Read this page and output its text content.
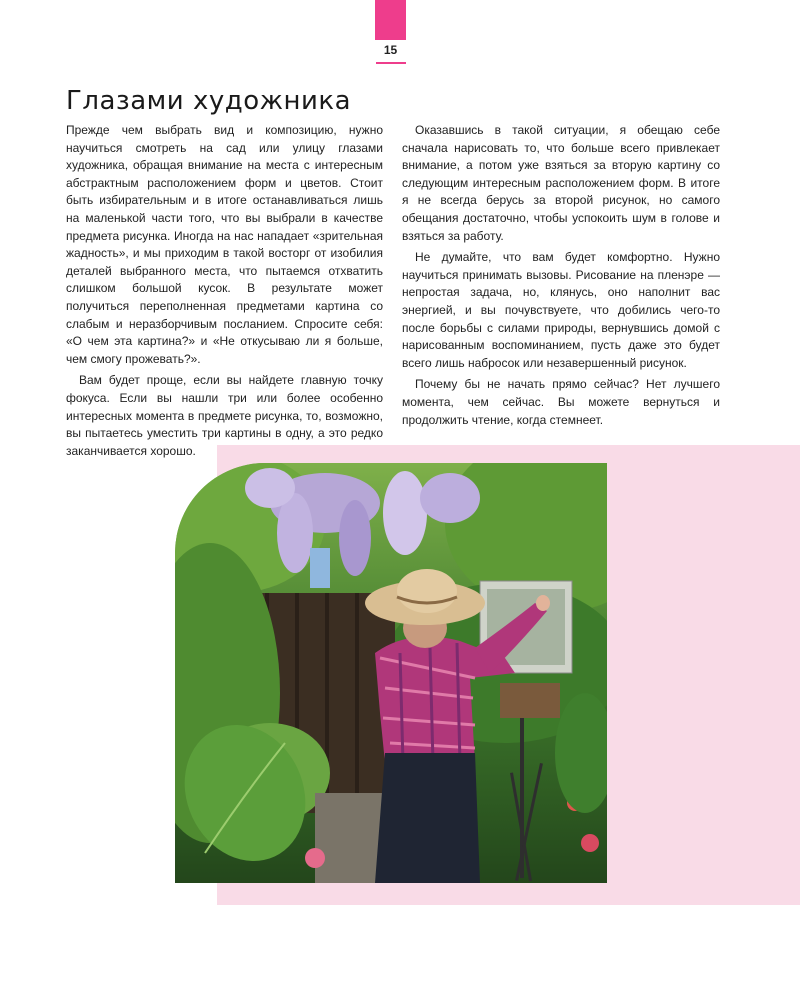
15
Глазами художника

Прежде чем выбрать вид и композицию, нужно научиться смотреть на сад или улицу глазами художника, обращая внимание на места с интересным абстрактным расположением форм и цветов. Стоит быть избирательным и в итоге останавливаться лишь на маленькой части того, что вы выбрали в качестве предмета рисунка. Иногда на нас нападает «зрительная жадность», и мы приходим в такой восторг от изобилия деталей выбранного места, что пытаемся отхватить слишком большой кусок. В результате может получиться переполненная предметами картина со слабым и неразборчивым посланием. Спросите себя: «О чем эта картина?» и «Не откусываю ли я больше, чем смогу прожевать?».

Вам будет проще, если вы найдете главную точку фокуса. Если вы нашли три или более особенно интересных момента в предмете рисунка, то, возможно, вы пытаетесь уместить три картины в одну, а это редко заканчивается хорошо.

Оказавшись в такой ситуации, я обещаю себе сначала нарисовать то, что больше всего привлекает внимание, а потом уже взяться за вторую картину со следующим интересным расположением форм. В итоге я не всегда берусь за второй рисунок, но самого обещания достаточно, чтобы успокоить шум в голове и взяться за работу.

Не думайте, что вам будет комфортно. Нужно научиться принимать вызовы. Рисование на пленэре — непростая задача, но, клянусь, оно наполнит вас энергией, и вы почувствуете, что добились чего-то после борьбы с силами природы, вернувшись домой с нарисованным воспоминанием, пусть даже это будет всего лишь набросок или незавершенный рисунок.

Почему бы не начать прямо сейчас? Нет лучшего момента, чем сейчас. Вы можете вернуться и продолжить чтение, когда стемнеет.
